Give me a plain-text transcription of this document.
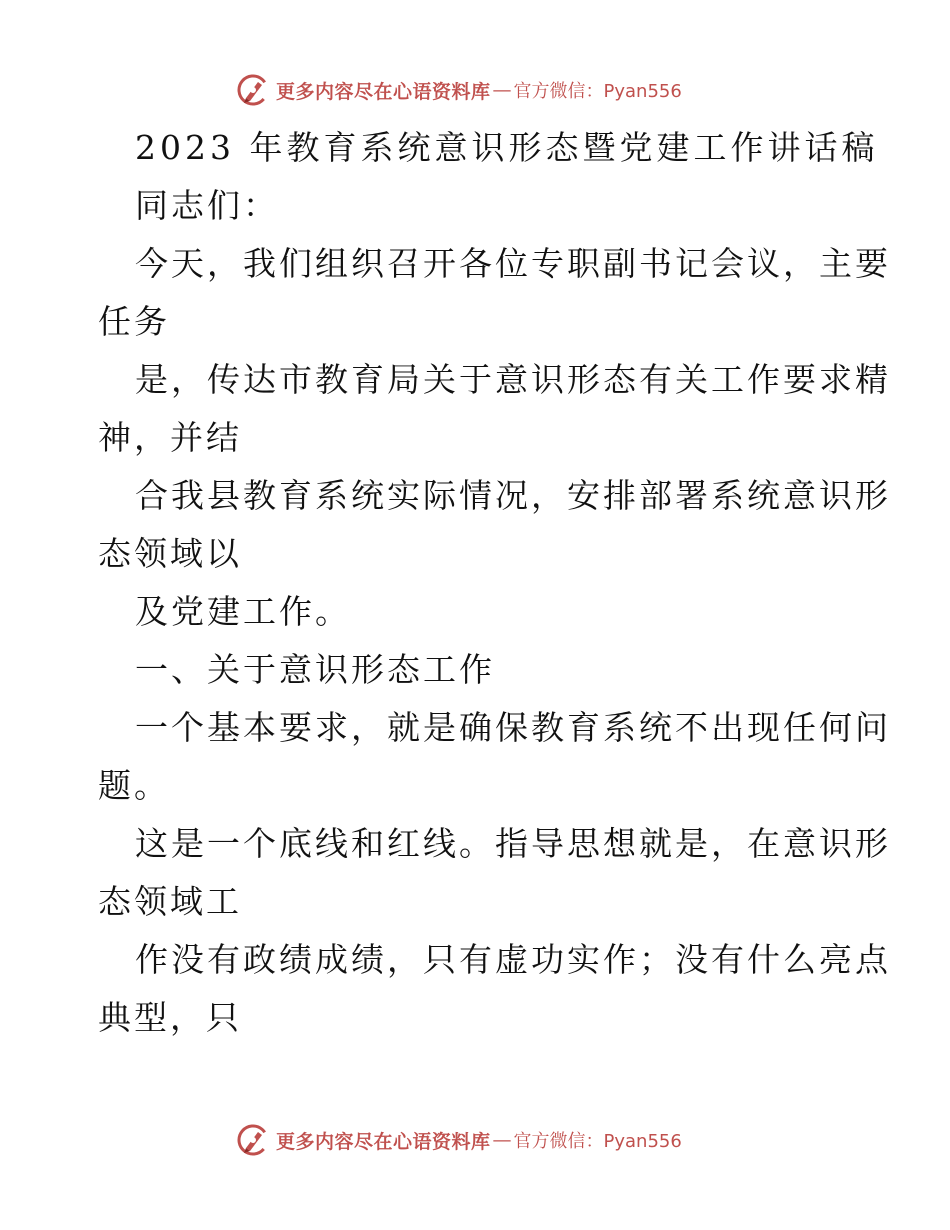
更多内容尽在心语资料库 — 官方微信：Pyan556
2023 年教育系统意识形态暨党建工作讲话稿
同志们：
今天，我们组织召开各位专职副书记会议，主要
任务
是，传达市教育局关于意识形态有关工作要求精
神，并结
合我县教育系统实际情况，安排部署系统意识形
态领域以
及党建工作。
一、关于意识形态工作
一个基本要求，就是确保教育系统不出现任何问
题。
这是一个底线和红线。指导思想就是，在意识形
态领域工
作没有政绩成绩，只有虚功实作；没有什么亮点
典型，只
更多内容尽在心语资料库 — 官方微信：Pyan556
